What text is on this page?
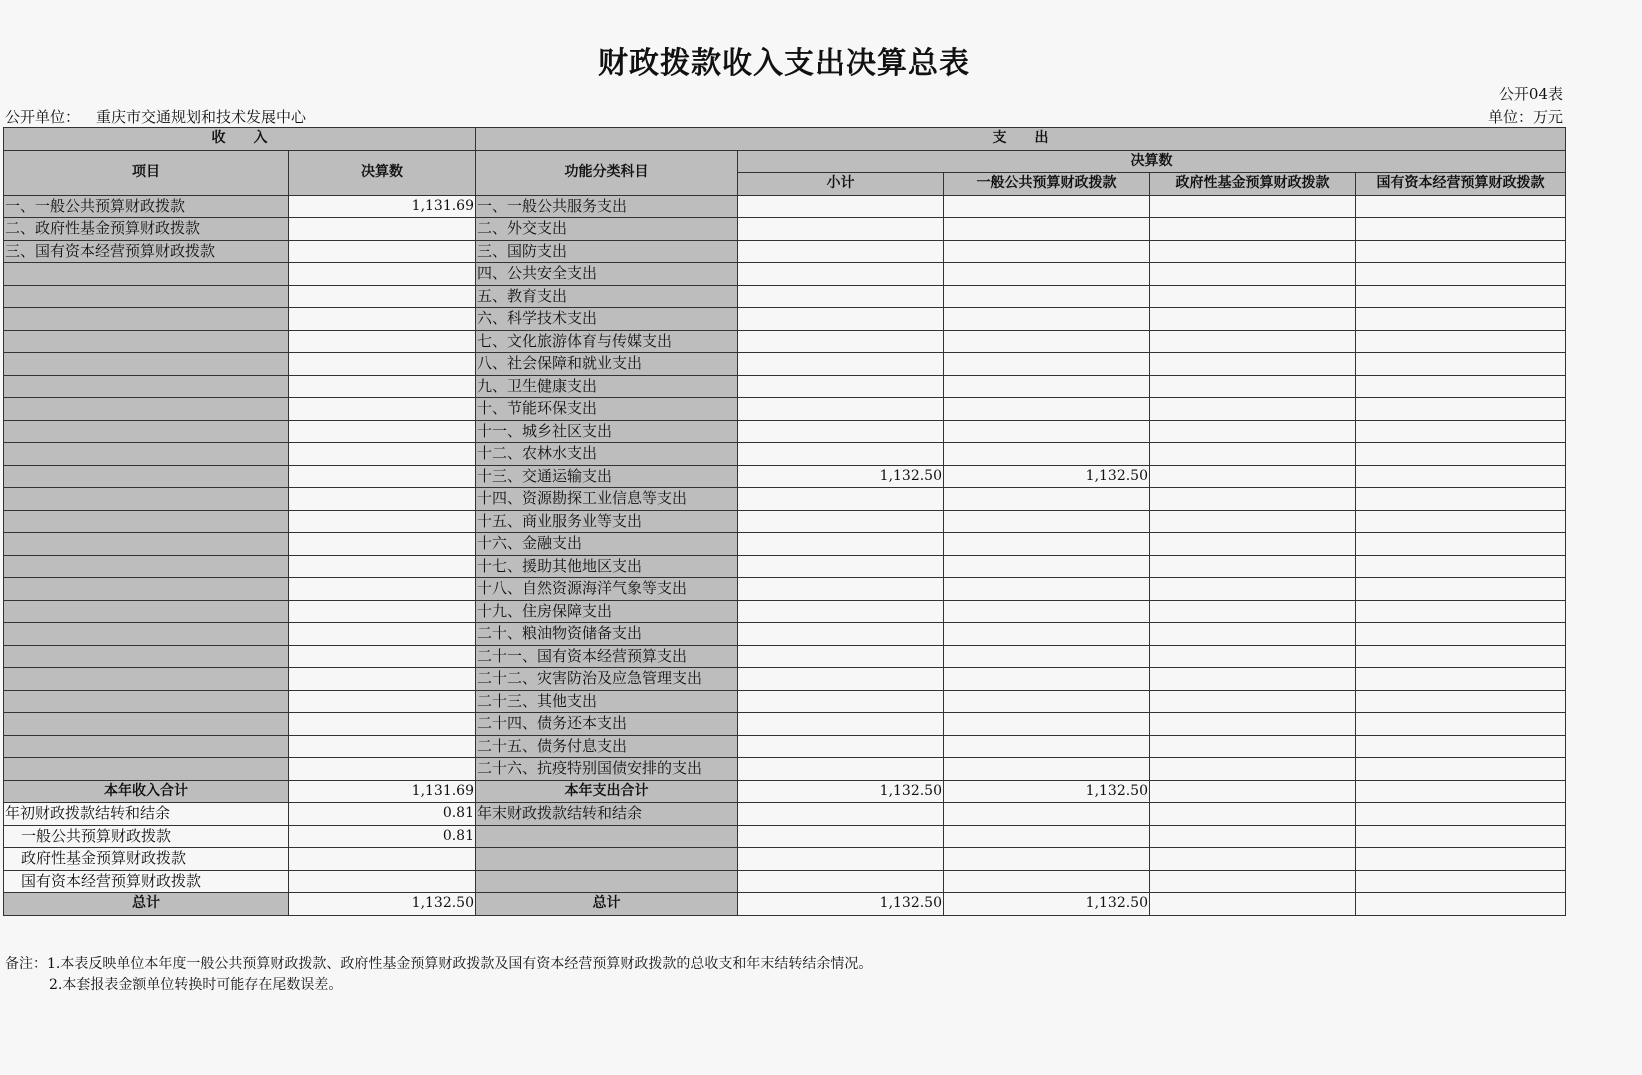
财政拨款收入支出决算总表
公开04表
公开单位： 重庆市交通规划和技术发展中心	单位：万元
收　　入		支　　出				
项目	决算数	功能分类科目	决算数			
			小计	一般公共预算财政拨款	政府性基金预算财政拨款	国有资本经营预算财政拨款
一、一般公共预算财政拨款	1,131.69	一、一般公共服务支出				
二、政府性基金预算财政拨款		二、外交支出				
三、国有资本经营预算财政拨款		三、国防支出				
		四、公共安全支出				
		五、教育支出				
		六、科学技术支出				
		七、文化旅游体育与传媒支出				
		八、社会保障和就业支出				
		九、卫生健康支出				
		十、节能环保支出				
		十一、城乡社区支出				
		十二、农林水支出				
		十三、交通运输支出	1,132.50	1,132.50		
		十四、资源勘探工业信息等支出				
		十五、商业服务业等支出				
		十六、金融支出				
		十七、援助其他地区支出				
		十八、自然资源海洋气象等支出				
		十九、住房保障支出				
		二十、粮油物资储备支出				
		二十一、国有资本经营预算支出				
		二十二、灾害防治及应急管理支出				
		二十三、其他支出				
		二十四、债务还本支出				
		二十五、债务付息支出				
		二十六、抗疫特别国债安排的支出				
本年收入合计	1,131.69	本年支出合计	1,132.50	1,132.50		
年初财政拨款结转和结余	0.81	年末财政拨款结转和结余				
一般公共预算财政拨款	0.81					
政府性基金预算财政拨款						
国有资本经营预算财政拨款						
总计	1,132.50	总计	1,132.50	1,132.50		
备注：1.本表反映单位本年度一般公共预算财政拨款、政府性基金预算财政拨款及国有资本经营预算财政拨款的总收支和年末结转结余情况。
2.本套报表金额单位转换时可能存在尾数误差。
